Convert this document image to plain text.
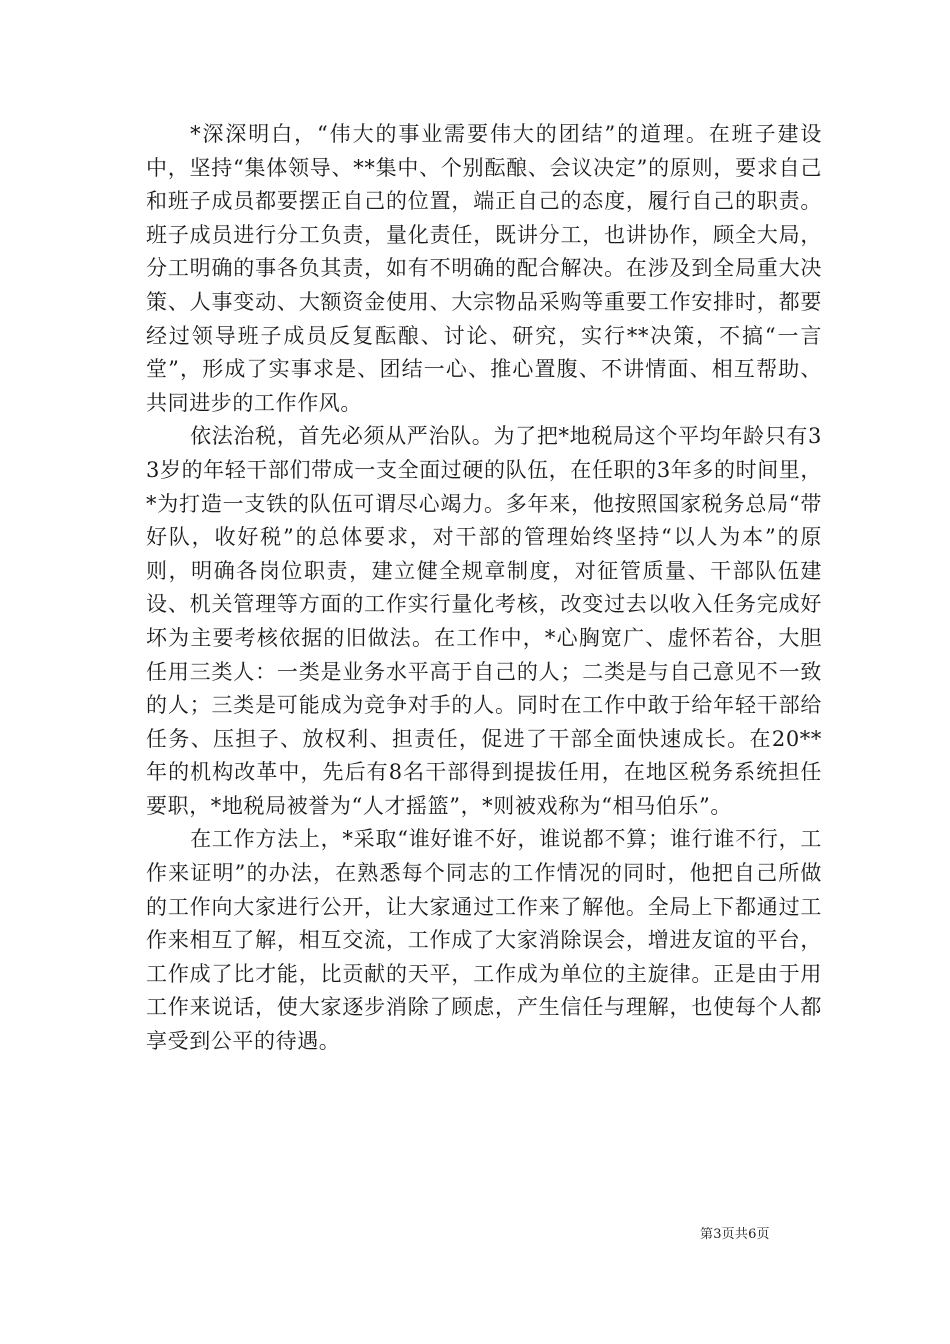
*深深明白，“伟大的事业需要伟大的团结”的道理。在班子建设中，坚持“集体领导、**集中、个别酝酿、会议决定”的原则，要求自己和班子成员都要摆正自己的位置，端正自己的态度，履行自己的职责。班子成员进行分工负责，量化责任，既讲分工，也讲协作，顾全大局，分工明确的事各负其责，如有不明确的配合解决。在涉及到全局重大决策、人事变动、大额资金使用、大宗物品采购等重要工作安排时，都要经过领导班子成员反复酝酿、讨论、研究，实行**决策，不搞“一言堂”，形成了实事求是、团结一心、推心置腹、不讲情面、相互帮助、共同进步的工作作风。

依法治税，首先必须从严治队。为了把*地税局这个平均年龄只有33岁的年轻干部们带成一支全面过硬的队伍，在任职的3年多的时间里，*为打造一支铁的队伍可谓尽心竭力。多年来，他按照国家税务总局“带好队，收好税”的总体要求，对干部的管理始终坚持“以人为本”的原则，明确各岗位职责，建立健全规章制度，对征管质量、干部队伍建设、机关管理等方面的工作实行量化考核，改变过去以收入任务完成好坏为主要考核依据的旧做法。在工作中，*心胸宽广、虚怀若谷，大胆任用三类人：一类是业务水平高于自己的人；二类是与自己意见不一致的人；三类是可能成为竞争对手的人。同时在工作中敢于给年轻干部给任务、压担子、放权利、担责任，促进了干部全面快速成长。在20**年的机构改革中，先后有8名干部得到提拔任用，在地区税务系统担任要职，*地税局被誉为“人才摇篮”，*则被戏称为“相马伯乐”。

在工作方法上，*采取“谁好谁不好，谁说都不算；谁行谁不行，工作来证明”的办法，在熟悉每个同志的工作情况的同时，他把自己所做的工作向大家进行公开，让大家通过工作来了解他。全局上下都通过工作来相互了解，相互交流，工作成了大家消除误会，增进友谊的平台，工作成了比才能，比贡献的天平，工作成为单位的主旋律。正是由于用工作来说话，使大家逐步消除了顾虑，产生信任与理解，也使每个人都享受到公平的待遇。

第3页共6页
